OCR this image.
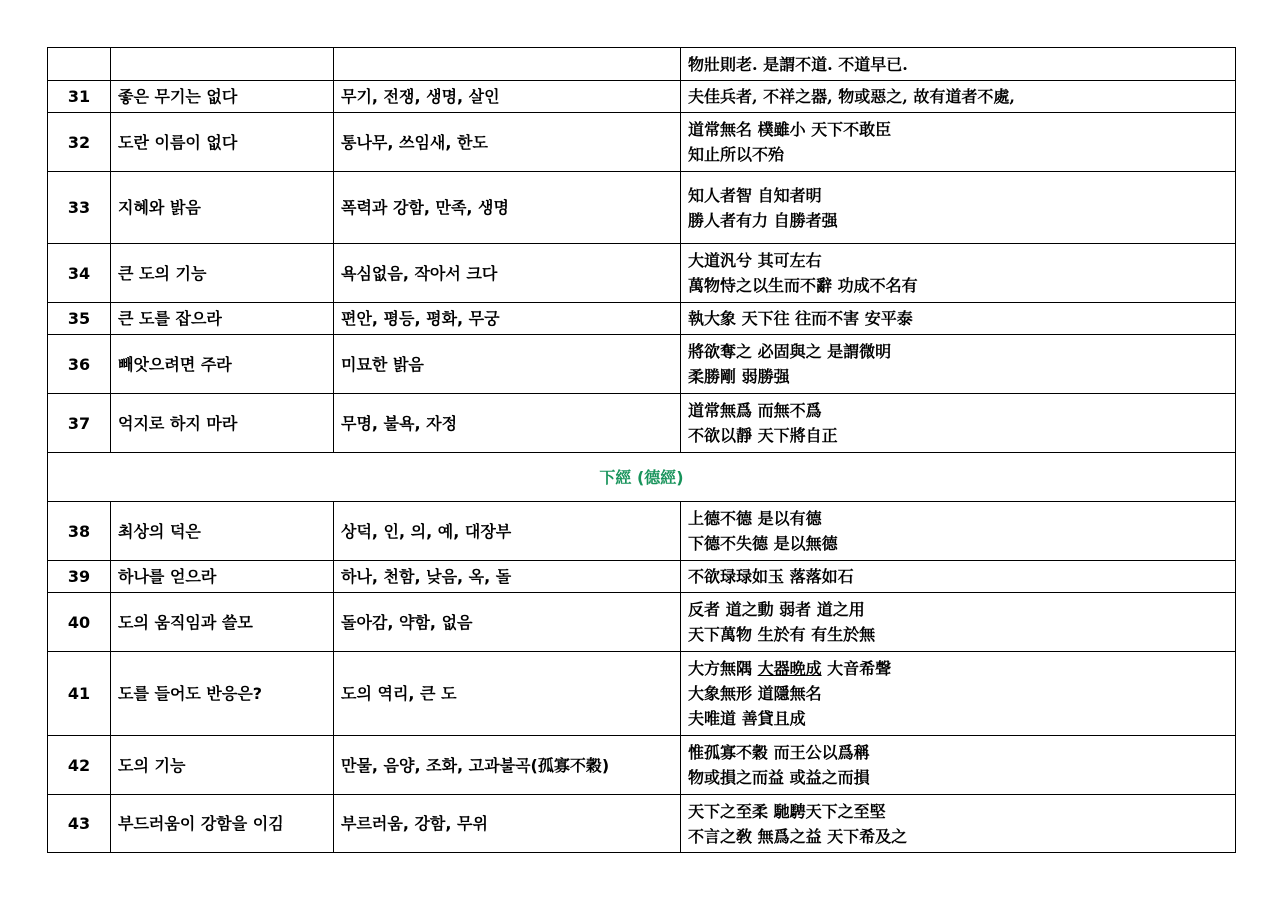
			物壯則老. 是謂不道. 不道早已.

31	좋은 무기는 없다	무기, 전쟁, 생명, 살인	夫佳兵者, 不祥之器, 物或惡之, 故有道者不處,

32	도란 이름이 없다	통나무, 쓰임새, 한도	道常無名 樸雖小 天下不敢臣
知止所以不殆

33	지혜와 밝음	폭력과 강함, 만족, 생명	知人者智 自知者明
勝人者有力 自勝者强

34	큰 도의 기능	욕심없음, 작아서 크다	大道汎兮 其可左右
萬物恃之以生而不辭 功成不名有

35	큰 도를 잡으라	편안, 평등, 평화, 무궁	執大象 天下往 往而不害 安平泰

36	빼앗으려면 주라	미묘한 밝음	將欲奪之 必固與之 是謂微明
柔勝剛 弱勝强

37	억지로 하지 마라	무명, 불욕, 자정	道常無爲 而無不爲
不欲以靜 天下將自正

下經 (德經)			
38	최상의 덕은	상덕, 인, 의, 예, 대장부	上德不德 是以有德
下德不失德 是以無德

39	하나를 얻으라	하나, 천함, 낮음, 옥, 돌	不欲琭琭如玉 落落如石

40	도의 움직임과 쓸모	돌아감, 약함, 없음	反者 道之動 弱者 道之用
天下萬物 生於有 有生於無

41	도를 들어도 반응은?	도의 역리, 큰 도	大方無隅 大器晩成 大音希聲
大象無形 道隱無名
夫唯道 善貸且成

42	도의 기능	만물, 음양, 조화, 고과불곡(孤寡不穀)	惟孤寡不穀 而王公以爲稱
物或損之而益 或益之而損

43	부드러움이 강함을 이김	부르러움, 강함, 무위	天下之至柔 馳騁天下之至堅
不言之敎 無爲之益 天下希及之
